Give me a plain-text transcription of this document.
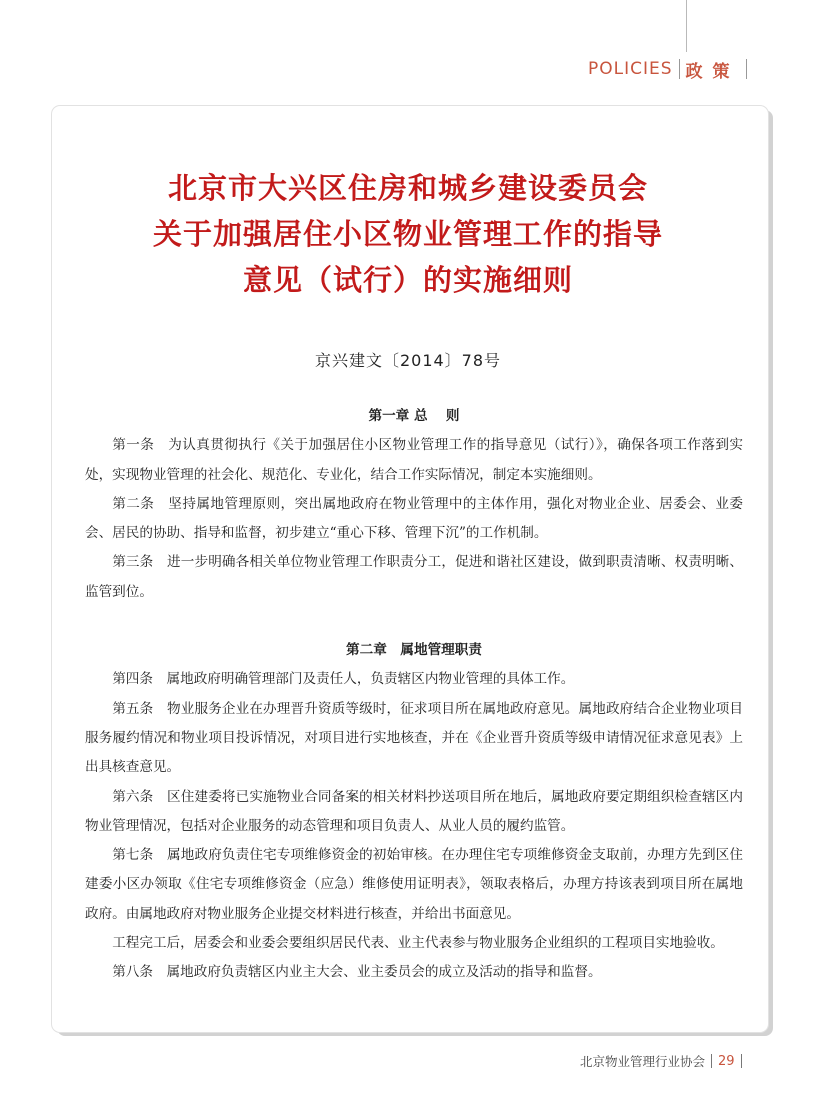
POLICIES 政策
北京市大兴区住房和城乡建设委员会
关于加强居住小区物业管理工作的指导
意见（试行）的实施细则
京兴建文〔2014〕78号
第一章 总　 则

第一条　为认真贯彻执行《关于加强居住小区物业管理工作的指导意见（试行）》，确保各项工作落到实处，实现物业管理的社会化、规范化、专业化，结合工作实际情况，制定本实施细则。

第二条　坚持属地管理原则，突出属地政府在物业管理中的主体作用，强化对物业企业、居委会、业委会、居民的协助、指导和监督，初步建立“重心下移、管理下沉”的工作机制。

第三条　进一步明确各相关单位物业管理工作职责分工，促进和谐社区建设，做到职责清晰、权责明晰、监管到位。

第二章　属地管理职责

第四条　属地政府明确管理部门及责任人，负责辖区内物业管理的具体工作。

第五条　物业服务企业在办理晋升资质等级时，征求项目所在属地政府意见。属地政府结合企业物业项目服务履约情况和物业项目投诉情况，对项目进行实地核查，并在《企业晋升资质等级申请情况征求意见表》上出具核查意见。

第六条　区住建委将已实施物业合同备案的相关材料抄送项目所在地后，属地政府要定期组织检查辖区内物业管理情况，包括对企业服务的动态管理和项目负责人、从业人员的履约监管。

第七条　属地政府负责住宅专项维修资金的初始审核。在办理住宅专项维修资金支取前，办理方先到区住建委小区办领取《住宅专项维修资金（应急）维修使用证明表》，领取表格后，办理方持该表到项目所在属地政府。由属地政府对物业服务企业提交材料进行核查，并给出书面意见。

工程完工后，居委会和业委会要组织居民代表、业主代表参与物业服务企业组织的工程项目实地验收。

第八条　属地政府负责辖区内业主大会、业主委员会的成立及活动的指导和监督。

北京物业管理行业协会 29
